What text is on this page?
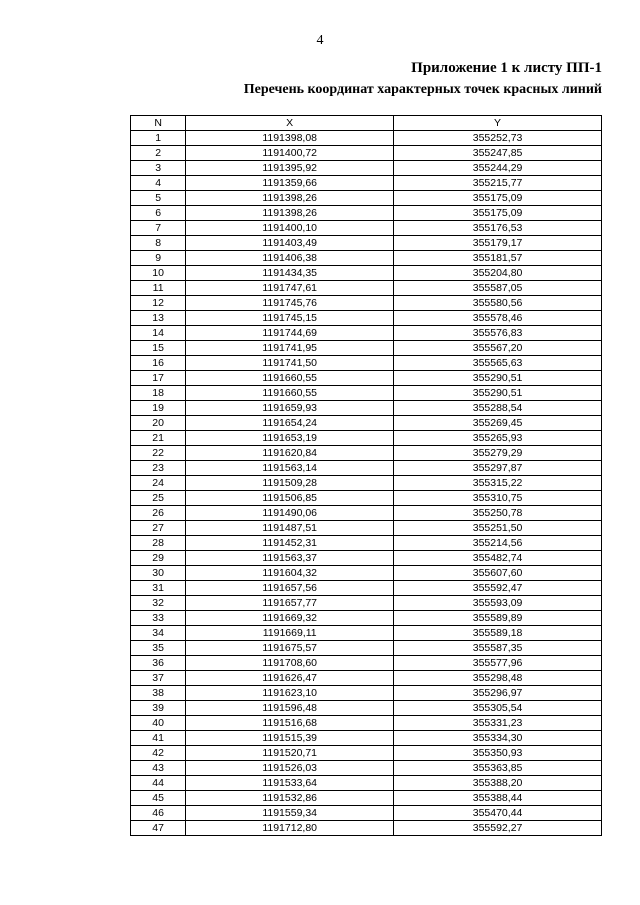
4
Приложение 1 к листу ПП-1
Перечень координат характерных точек красных линий
N	X	Y
1	1191398,08	355252,73
2	1191400,72	355247,85
3	1191395,92	355244,29
4	1191359,66	355215,77
5	1191398,26	355175,09
6	1191398,26	355175,09
7	1191400,10	355176,53
8	1191403,49	355179,17
9	1191406,38	355181,57
10	1191434,35	355204,80
11	1191747,61	355587,05
12	1191745,76	355580,56
13	1191745,15	355578,46
14	1191744,69	355576,83
15	1191741,95	355567,20
16	1191741,50	355565,63
17	1191660,55	355290,51
18	1191660,55	355290,51
19	1191659,93	355288,54
20	1191654,24	355269,45
21	1191653,19	355265,93
22	1191620,84	355279,29
23	1191563,14	355297,87
24	1191509,28	355315,22
25	1191506,85	355310,75
26	1191490,06	355250,78
27	1191487,51	355251,50
28	1191452,31	355214,56
29	1191563,37	355482,74
30	1191604,32	355607,60
31	1191657,56	355592,47
32	1191657,77	355593,09
33	1191669,32	355589,89
34	1191669,11	355589,18
35	1191675,57	355587,35
36	1191708,60	355577,96
37	1191626,47	355298,48
38	1191623,10	355296,97
39	1191596,48	355305,54
40	1191516,68	355331,23
41	1191515,39	355334,30
42	1191520,71	355350,93
43	1191526,03	355363,85
44	1191533,64	355388,20
45	1191532,86	355388,44
46	1191559,34	355470,44
47	1191712,80	355592,27
